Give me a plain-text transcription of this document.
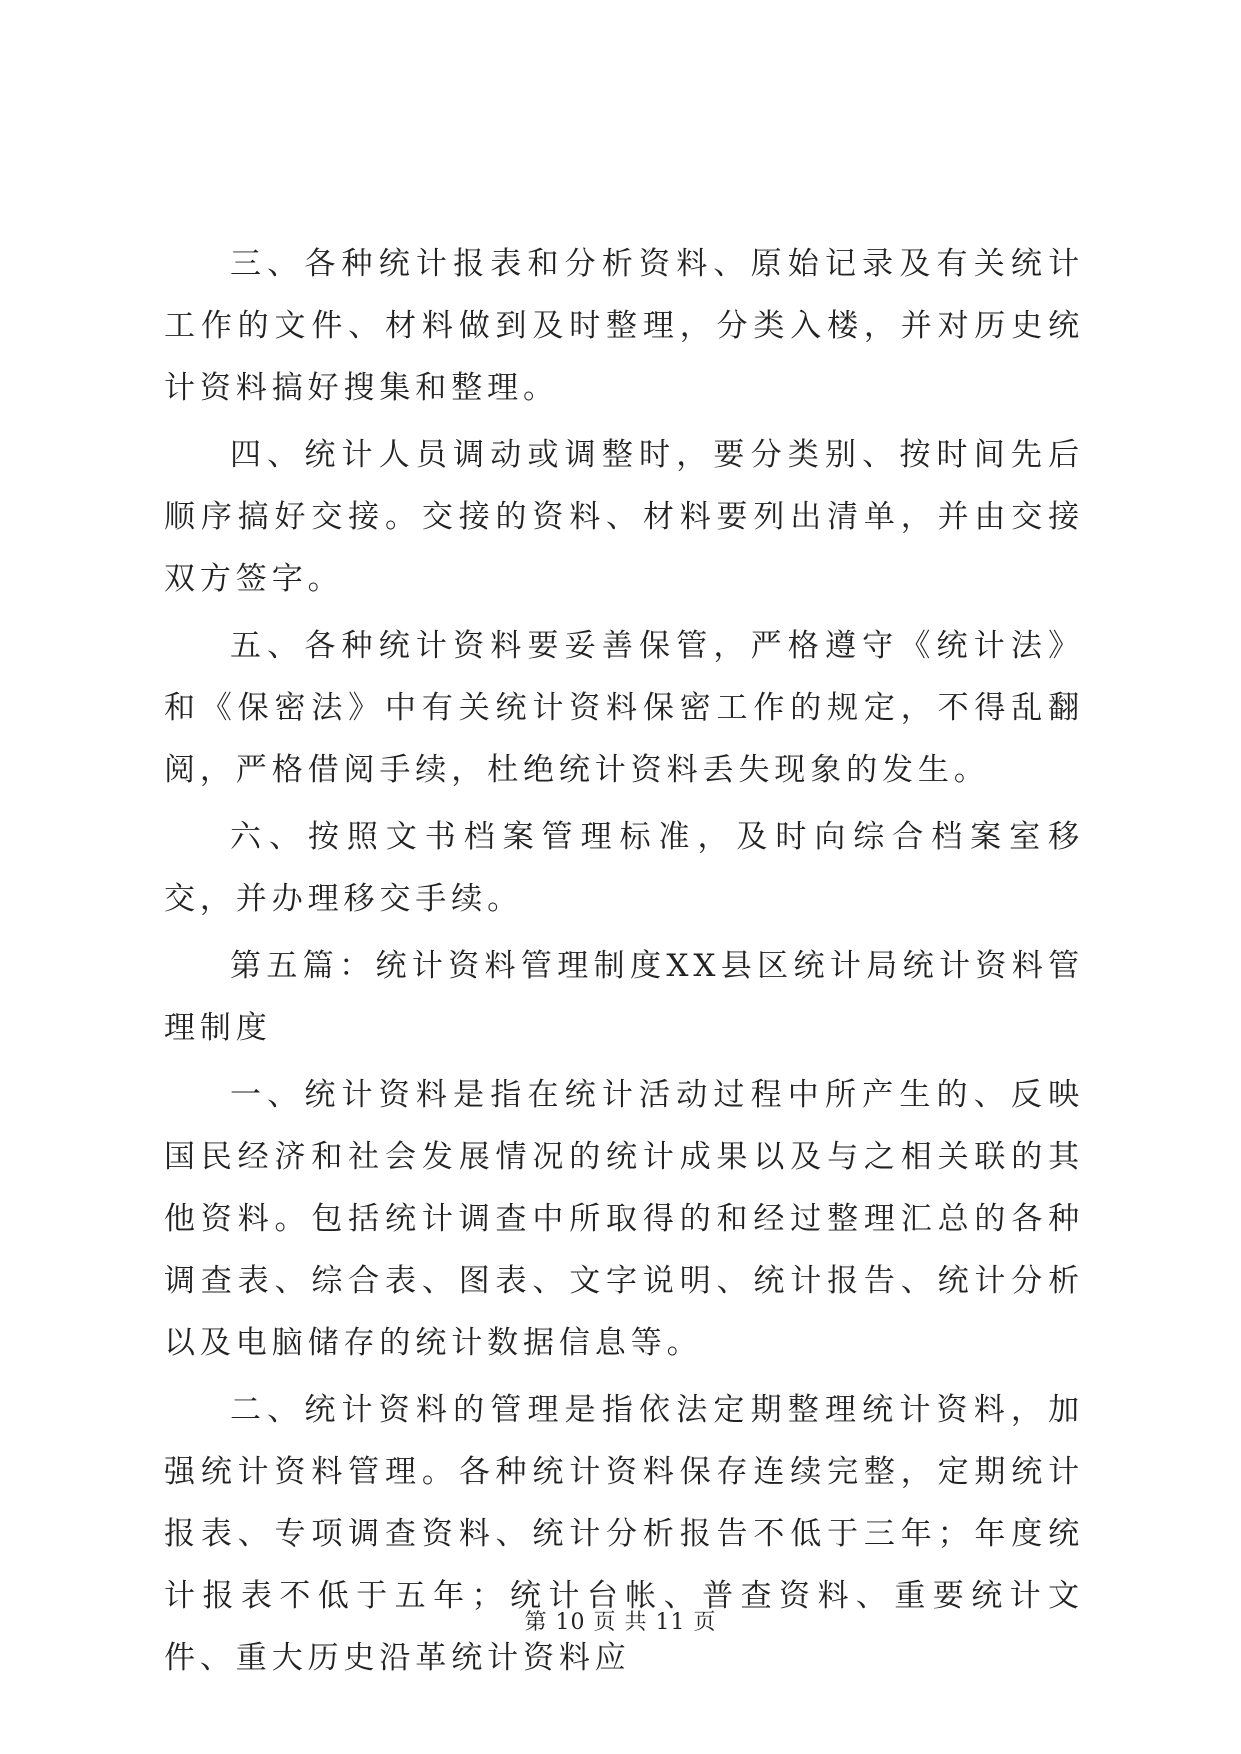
三、各种统计报表和分析资料、原始记录及有关统计工作的文件、材料做到及时整理，分类入楼，并对历史统计资料搞好搜集和整理。

四、统计人员调动或调整时，要分类别、按时间先后顺序搞好交接。交接的资料、材料要列出清单，并由交接双方签字。

五、各种统计资料要妥善保管，严格遵守《统计法》和《保密法》中有关统计资料保密工作的规定，不得乱翻阅，严格借阅手续，杜绝统计资料丢失现象的发生。

六、按照文书档案管理标准，及时向综合档案室移交，并办理移交手续。

第五篇：统计资料管理制度XX县区统计局统计资料管理制度

一、统计资料是指在统计活动过程中所产生的、反映国民经济和社会发展情况的统计成果以及与之相关联的其他资料。包括统计调查中所取得的和经过整理汇总的各种调查表、综合表、图表、文字说明、统计报告、统计分析以及电脑储存的统计数据信息等。

二、统计资料的管理是指依法定期整理统计资料，加强统计资料管理。各种统计资料保存连续完整，定期统计报表、专项调查资料、统计分析报告不低于三年；年度统计报表不低于五年；统计台帐、普查资料、重要统计文件、重大历史沿革统计资料应

第 10 页 共 11 页
